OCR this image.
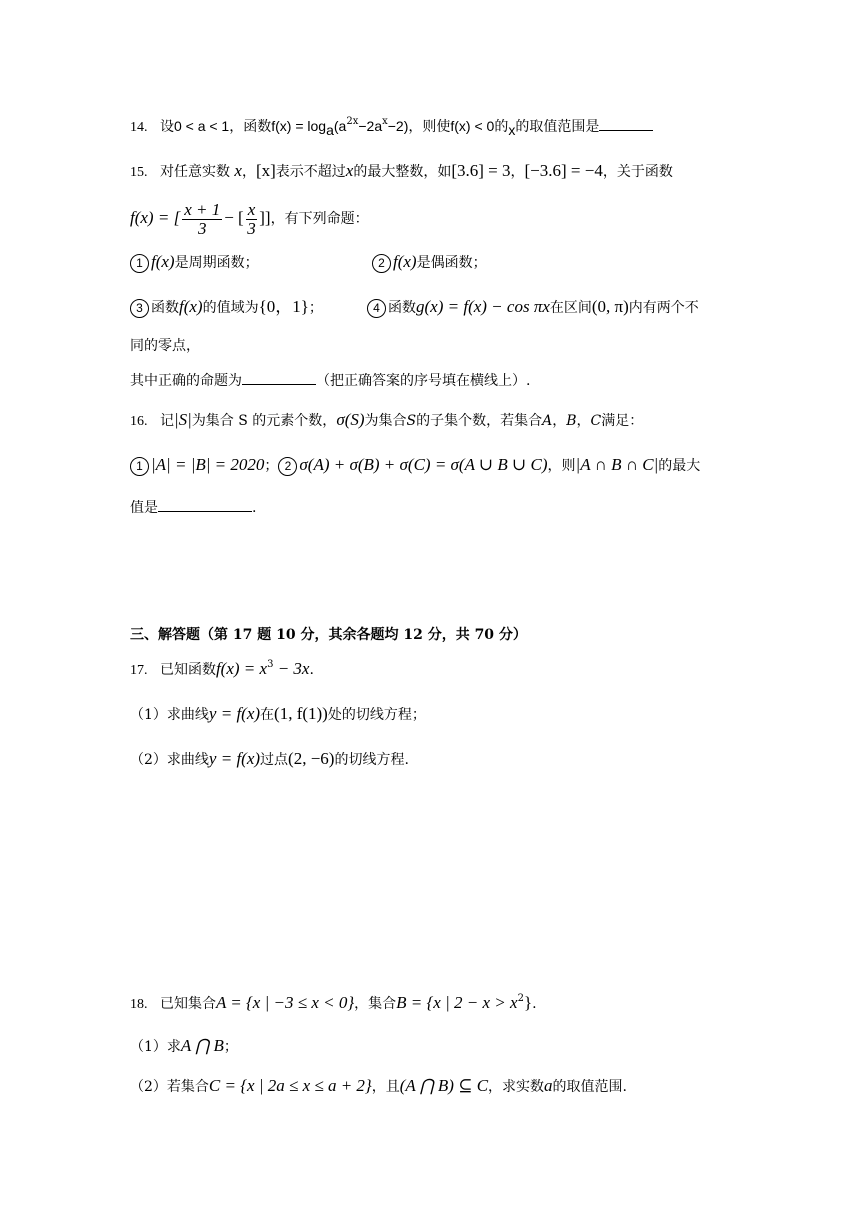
14. 设0 < a < 1，函数$f(x) = \log_a(a^{2x}-2a^x-2)$，则使f(x) < 0的$_x$的取值范围是
15. 对任意实数 x，[x]表示不超过x的最大整数，如[3.6] = 3，[−3.6] = −4，关于函数
f(x) = [ $\frac{x + 1}{3}$ − [ $\frac{x}{3}$ ]]，有下列命题：
1 f(x)是周期函数；	2 f(x)是偶函数；
3 函数f(x)的值域为{0，1}；	4 函数g(x) = f(x) − cos πx在区间(0, π)内有两个不
同的零点，
其中正确的命题为	（把正确答案的序号填在横线上）.
16. 记|S|为集合 S 的元素个数，σ(S)为集合S的子集个数，若集合A，B，C满足：
1 |A| = |B| = 2020； 2 σ(A) + σ(B) + σ(C) = σ(A ∪ B ∪ C)，则|A ∩ B ∩ C|的最大
值是	.
三、解答题（第 17 题 10 分，其余各题均 12 分，共 70 分）
17. 已知函数$f(x) = x^3 - 3x$.
（1）求曲线y = f(x)在(1, f(1))处的切线方程；
（2）求曲线y = f(x)过点(2, −6)的切线方程.
18. 已知集合A = {x | −3 ≤ x < 0}，集合B = {x | $2 - x > x^2$}.
（1）求A ⋂ B；
（2）若集合C = {x | 2a ≤ x ≤ a + 2}，且(A ⋂ B) ⊆ C，求实数a的取值范围.
